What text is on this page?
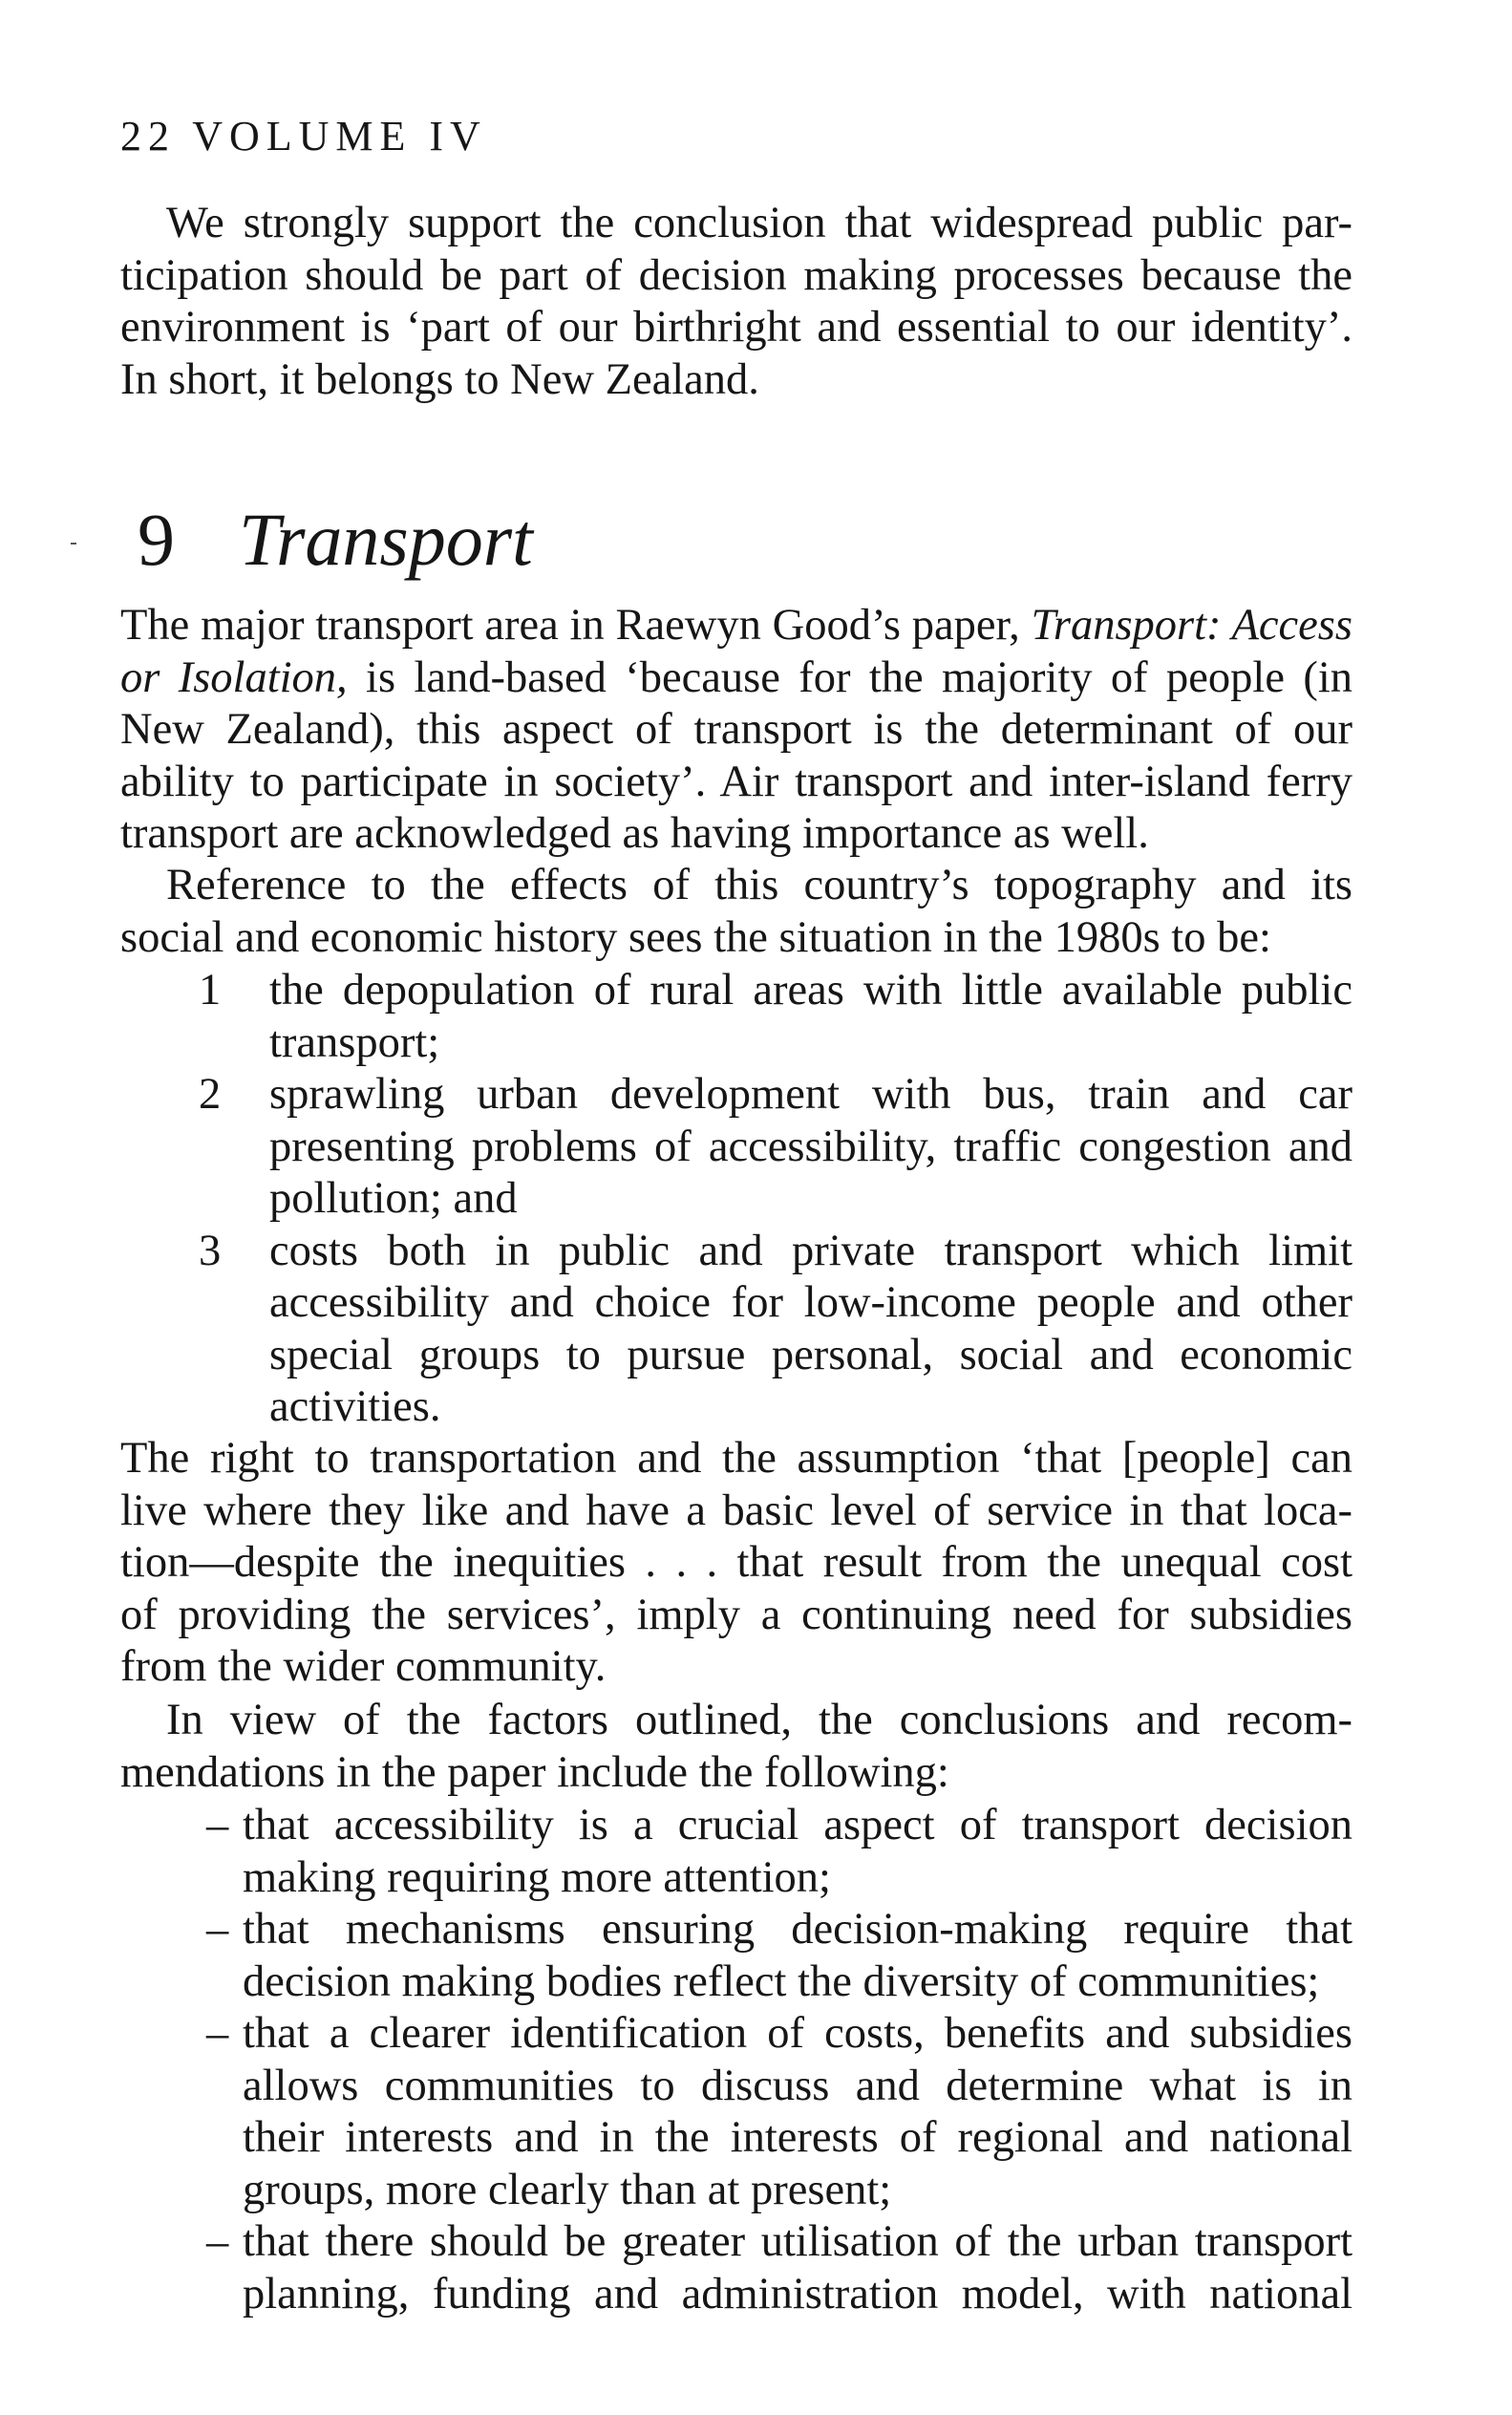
22 VOLUME IV

We strongly support the conclusion that widespread public par-
ticipation should be part of decision making processes because the
environment is ‘part of our birthright and essential to our identity’.
In short, it belongs to New Zealand.

9 Transport

The major transport area in Raewyn Good’s paper, Transport: Access
or Isolation, is land-based ‘because for the majority of people (in
New Zealand), this aspect of transport is the determinant of our
ability to participate in society’. Air transport and inter-island ferry
transport are acknowledged as having importance as well.

Reference to the effects of this country’s topography and its
social and economic history sees the situation in the 1980s to be:

1 the depopulation of rural areas with little available public
transport;
2 sprawling urban development with bus, train and car
presenting problems of accessibility, traffic congestion and
pollution; and
3 costs both in public and private transport which limit
accessibility and choice for low-income people and other
special groups to pursue personal, social and economic
activities.

The right to transportation and the assumption ‘that [people] can
live where they like and have a basic level of service in that loca-
tion—despite the inequities . . . that result from the unequal cost
of providing the services’, imply a continuing need for subsidies
from the wider community.

In view of the factors outlined, the conclusions and recom-
mendations in the paper include the following:

– that accessibility is a crucial aspect of transport decision
making requiring more attention;
– that mechanisms ensuring decision-making require that
decision making bodies reflect the diversity of communities;
– that a clearer identification of costs, benefits and subsidies
allows communities to discuss and determine what is in
their interests and in the interests of regional and national
groups, more clearly than at present;
– that there should be greater utilisation of the urban transport
planning, funding and administration model, with national
